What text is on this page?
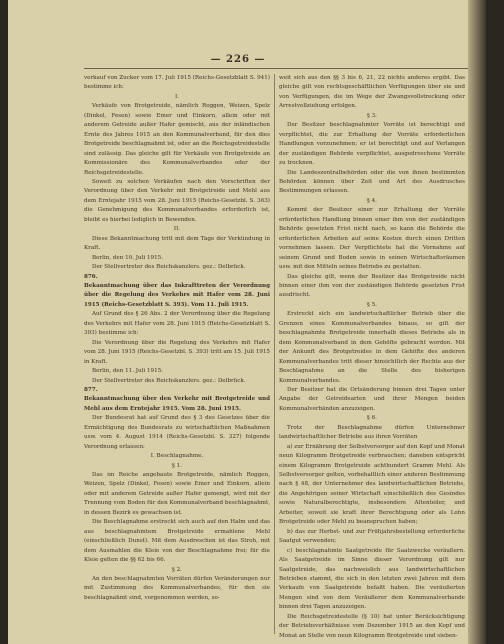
— 226 —

verkauf von Zucker vom 17. Juli 1915 (Reichs-Gesetzblatt S. 941) bestimme ich:

I.

Verkäufe von Brotgetreide, nämlich Roggen, Weizen, Spelz (Dinkel, Fesen) sowie Emer und Einkorn, allein oder mit anderem Getreide außer Hafer gemischt, aus der inländischen Ernte des Jahres 1915 an den Kommunalverband, für den dies Brotgetreide beschlagnahmt ist, oder an die Reichsgetreidestelle sind zulässig. Das gleiche gilt für Verkäufe von Brotgetreide an Kommissionäre des Kommunalverbandes oder der Reichsgetreidestelle.

Soweit zu solchen Verkäufen nach den Vorschriften der Verordnung über den Verkehr mit Brotgetreide und Mehl aus dem Erntejahr 1915 vom 28. Juni 1915 (Reichs-Gesetzbl. S. 363) die Genehmigung des Kommunalverbandes erforderlich ist, bleibt es hierbei lediglich in Bewenden.

II.

Diese Bekanntmachung tritt mit dem Tage der Verkündung in Kraft.

Berlin, den 10. Juli 1915.

Der Stellvertreter des Reichskanzlers. gez.: Delbrück.

876.

Bekanntmachung über das Inkrafttreten der Verordnung über die Regelung des Verkehrs mit Hafer vom 28. Juni 1915 (Reichs-Gesetzblatt S. 393). Vom 11. Juli 1915.

Auf Grund des § 26 Abs. 2 der Verordnung über die Regelung des Verkehrs mit Hafer vom 28. Juni 1915 (Reichs-Gesetzblatt S. 393) bestimme ich:

Die Verordnung über die Regelung des Verkehrs mit Hafer vom 28. Juni 1915 (Reichs-Gesetzbl. S. 393) tritt am 15. Juli 1915 in Kraft.

Berlin, den 11. Juli 1915.

Der Stellvertreter des Reichskanzlers. gez.: Delbrück.

877.

Bekanntmachung über den Verkehr mit Brotgetreide und Mehl aus dem Erntejahr 1915. Vom 28. Juni 1915.

Der Bundesrat hat auf Grund des § 3 des Gesetzes über die Ermächtigung des Bundesrats zu wirtschaftlichen Maßnahmen usw. vom 4. August 1914 (Reichs-Gesetzbl. S. 327) folgende Verordnung erlassen:

I. Beschlagnahme.

§ 1.

Das im Reiche angebaute Brotgetreide, nämlich Roggen, Weizen, Spelz (Dinkel, Fesen) sowie Emer und Einkorn, allein oder mit anderem Getreide außer Hafer gemengt, wird mit der Trennung vom Boden für den Kommunalverband beschlagnahmt, in dessen Bezirk es gewachsen ist.

Die Beschlagnahme erstreckt sich auch auf den Halm und das aus beschlagnahmtem Brotgetreide ermahlene Mehl (einschließlich Dunst). Mit dem Ausdreschen ist das Stroh, mit dem Ausmahlen die Kleie von der Beschlagnahme frei; für die Kleie gelten die §§ 62 bis 66.

§ 2.

An den beschlagnahmten Vorräten dürfen Veränderungen nur mit Zustimmung des Kommunalverbandes, für den sie beschlagnahmt sind, vorgenommen werden, so-

weit sich aus den §§ 3 bis 6, 21, 22 nichts anderes ergibt. Das gleiche gilt von rechtsgeschäftlichen Verfügungen über sie und von Verfügungen, die im Wege der Zwangsvollstreckung oder Arrestvollziehung erfolgen.

§ 3.

Der Besitzer beschlagnahmter Vorräte ist berechtigt und verpflichtet, die zur Erhaltung der Vorräte erforderlichen Handlungen vorzunehmen; er ist berechtigt und auf Verlangen der zuständigen Behörde verpflichtet, ausgedroschene Vorräte zu trocknen.

Die Landeszentralbehörden oder die von ihnen bestimmten Behörden können über Zeit und Art des Ausdrusches Bestimmungen erlassen.

§ 4.

Kommt der Besitzer einer zur Erhaltung der Vorräte erforderlichen Handlung binnen einer ihm von der zuständigen Behörde gesetzten Frist nicht nach, so kann die Behörde die erforderlichen Arbeiten auf seine Kosten durch einen Dritten vornehmen lassen. Der Verpflichtete hat die Vornahme auf seinem Grund und Boden sowie in seinen Wirtschaftsräumen usw. mit den Mitteln seines Betriebs zu gestatten.

Das gleiche gilt, wenn der Besitzer das Brotgetreide nicht binnen einer ihm von der zuständigen Behörde gesetzten Frist ausdrischt.

§ 5.

Erstreckt sich ein landwirtschaftlicher Betrieb über die Grenzen eines Kommunalverbandes hinaus, so gilt der beschlagnahmte Brotgetreide innerhalb dieses Betriebs als in dem Kommunalverband in dem Gehöfte gebracht worden. Mit der Ankunft des Brotgetreides in dem Gehöfte des anderen Kommunalverbandes tritt dieser hinsichtlich der Rechte aus der Beschlagnahme an die Stelle des bisherigen Kommunalverbandes.

Der Besitzer hat die Ortsänderung binnen drei Tagen unter Angabe der Getreidearten und ihrer Mengen beiden Kommunalverbänden anzuzeigen.

§ 6.

Trotz der Beschlagnahme dürfen Unternehmer landwirtschaftlicher Betriebe aus ihren Vorräten

a) zur Ernährung der Selbstversorger auf den Kopf und Monat neun Kilogramm Brotgetreide verbrauchen; daneben entspricht einem Kilogramm Brotgetreide achthundert Gramm Mehl. Als Selbstversorger gelten, vorbehaltlich einer anderen Bestimmung nach § 48, der Unternehmer des landwirtschaftlichen Betriebs, die Angehörigen seiner Wirtschaft einschließlich des Gesindes sowie Naturalberechtigte, insbesondere Altenteiler, und Arbeiter, soweit sie kraft ihrer Berechtigung oder als Lohn Brotgetreide oder Mehl zu beanspruchen haben;

b) das zur Herbst- und zur Frühjahrsbestellung erforderliche Saatgut verwenden;

c) beschlagnahmte Saatgetreide für Saatzwecke veräußern. Als Saatgetreide im Sinne dieser Verordnung gilt nur Saatgetreide, das nachweislich aus landwirtschaftlichen Betrieben stammt, die sich in den letzten zwei Jahren mit dem Verkaufe von Saatgetreide befaßt haben. Die veräußerten Mengen sind von dem Veräußerer dem Kommunalverbande binnen drei Tagen anzuzeigen.

Die Reichsgetreidestelle (§ 10) hat unter Berücksichtigung der Betriebsverhältnisse vom Dezember 1915 an den Kopf und Monat an Stelle von neun Kilogramm Brotgetreide und sieben-
